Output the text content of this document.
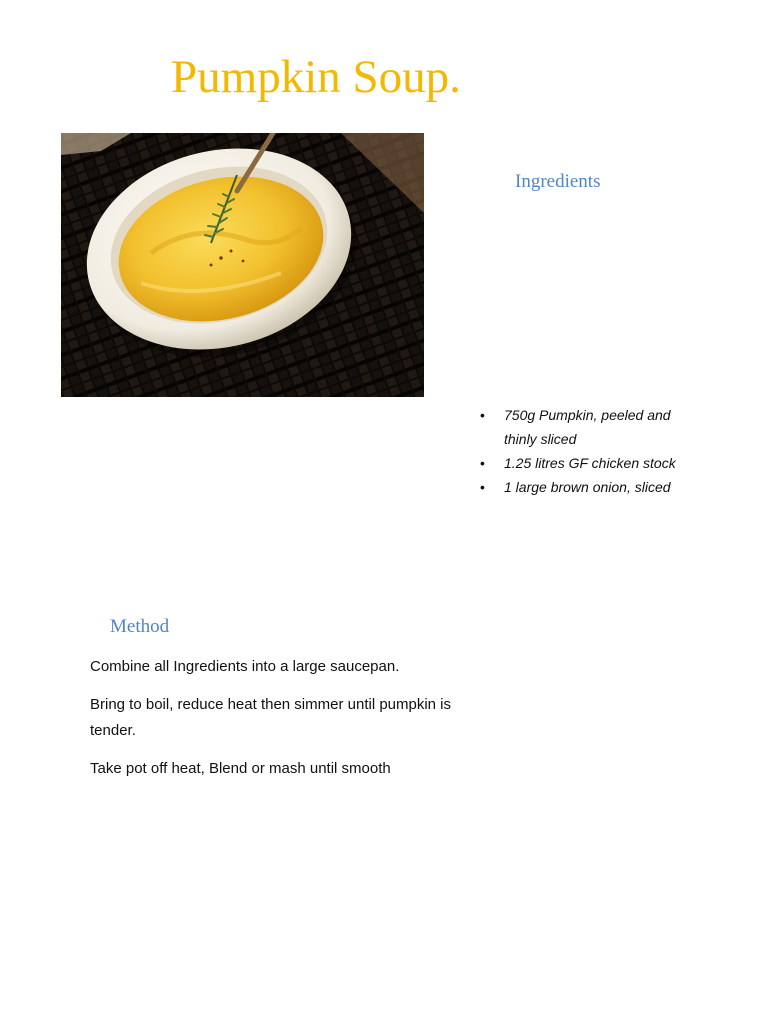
Pumpkin Soup.
Ingredients
• 750g Pumpkin, peeled and thinly sliced
• 1.25 litres GF chicken stock
• 1 large brown onion, sliced
Method

Combine all Ingredients into a large saucepan.

Bring to boil, reduce heat then simmer until pumpkin is tender.

Take pot off heat, Blend or mash until smooth
